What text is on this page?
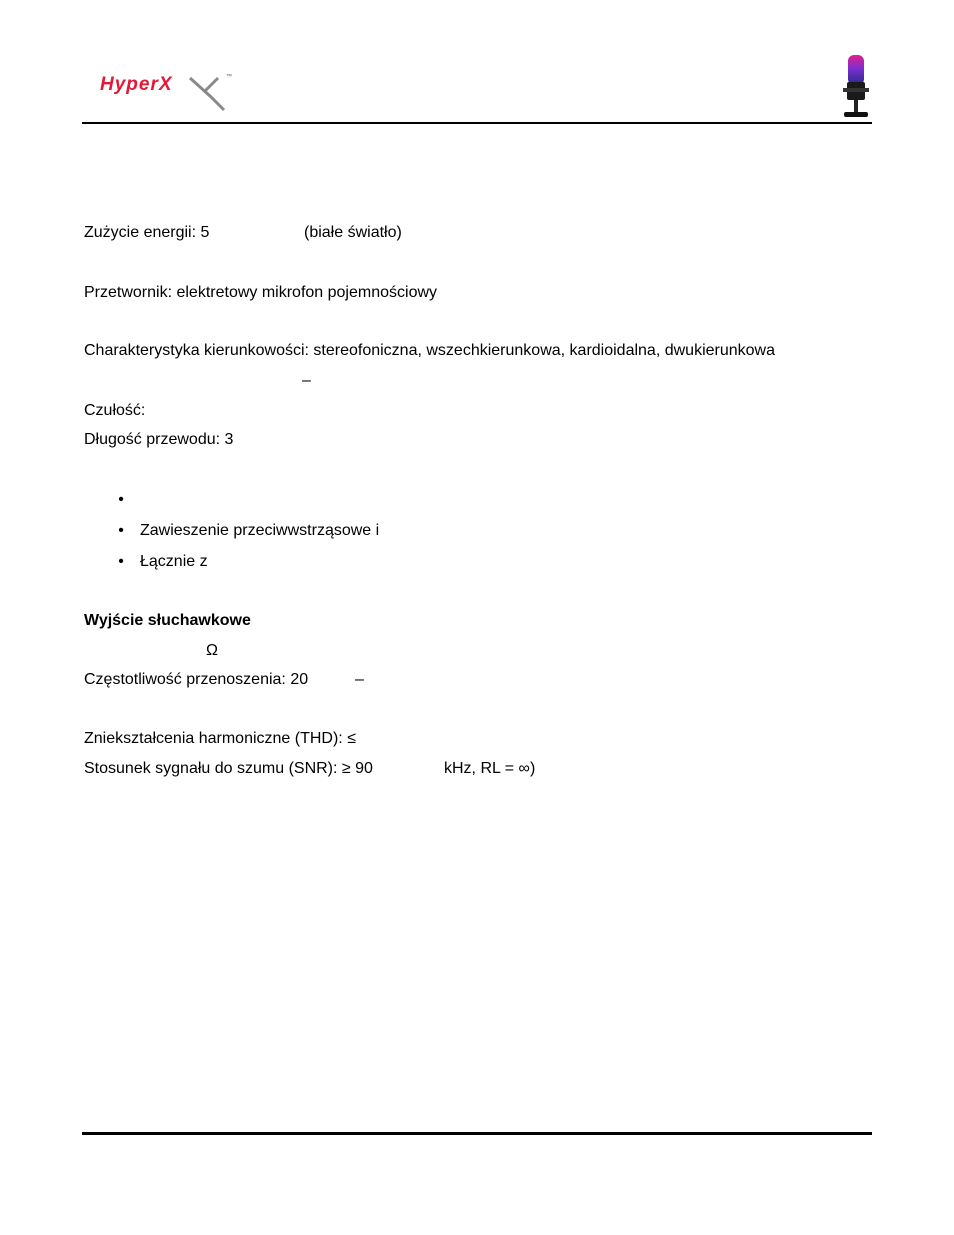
HyperX	™
Zużycie energii: 5	(białe światło)
Przetwornik: elektretowy mikrofon pojemnościowy
Charakterystyka kierunkowości: stereofoniczna, wszechkierunkowa, kardioidalna, dwukierunkowa
–
Czułość:
Długość przewodu: 3
•
•	Zawieszenie przeciwwstrząsowe i
•	Łącznie z
Wyjście słuchawkowe
Ω
Częstotliwość przenoszenia: 20	–
Zniekształcenia harmoniczne (THD): ≤
Stosunek sygnału do szumu (SNR): ≥ 90	kHz, RL = ∞)
